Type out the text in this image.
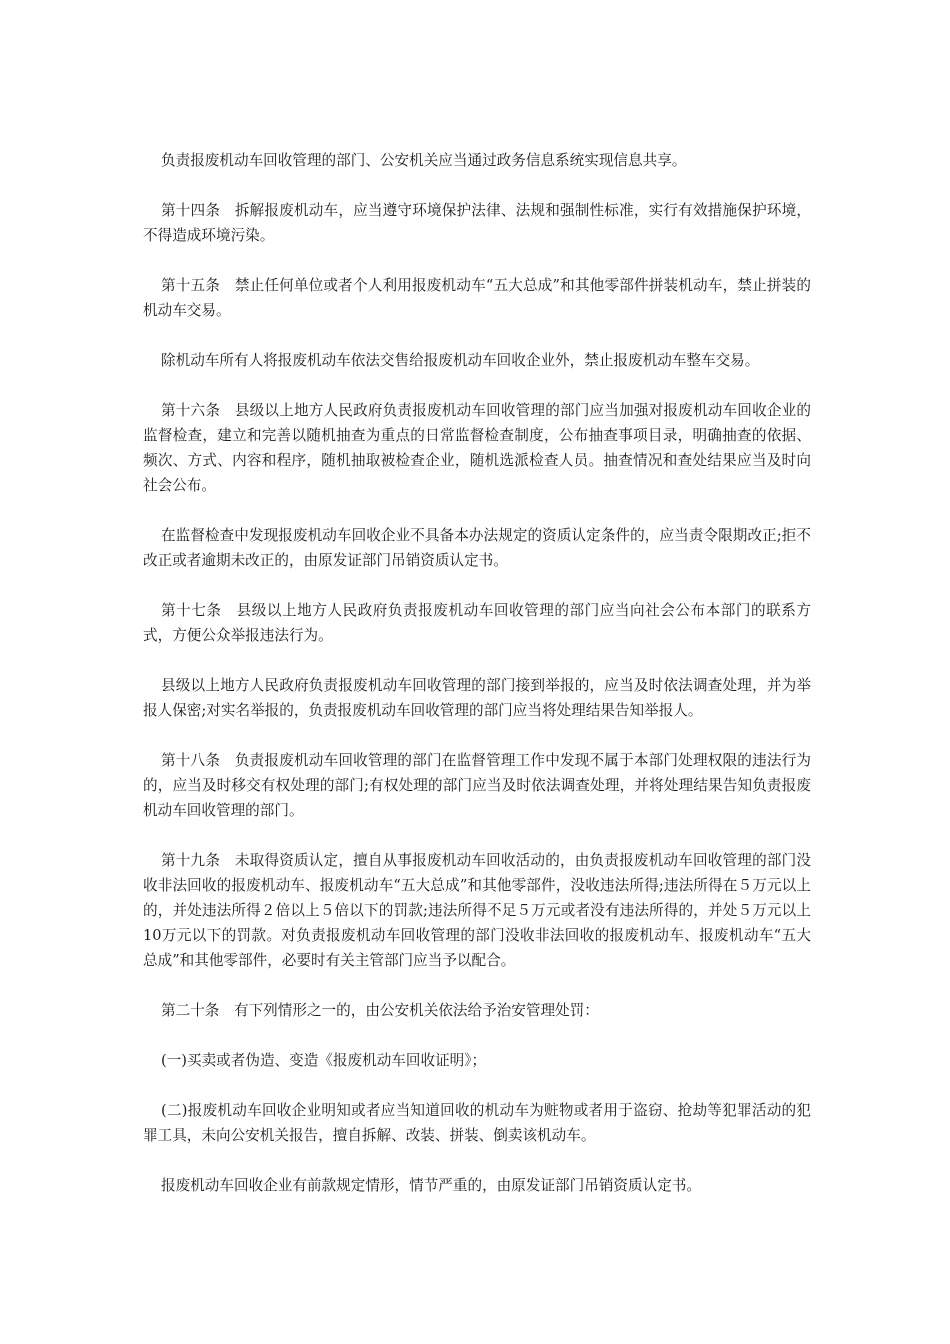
负责报废机动车回收管理的部门、公安机关应当通过政务信息系统实现信息共享。

第十四条　拆解报废机动车，应当遵守环境保护法律、法规和强制性标准，实行有效措施保护环境，不得造成环境污染。

第十五条　禁止任何单位或者个人利用报废机动车“五大总成”和其他零部件拼装机动车，禁止拼装的机动车交易。

除机动车所有人将报废机动车依法交售给报废机动车回收企业外，禁止报废机动车整车交易。

第十六条　县级以上地方人民政府负责报废机动车回收管理的部门应当加强对报废机动车回收企业的监督检查，建立和完善以随机抽查为重点的日常监督检查制度，公布抽查事项目录，明确抽查的依据、频次、方式、内容和程序，随机抽取被检查企业，随机选派检查人员。抽查情况和查处结果应当及时向社会公布。

在监督检查中发现报废机动车回收企业不具备本办法规定的资质认定条件的，应当责令限期改正;拒不改正或者逾期未改正的，由原发证部门吊销资质认定书。

第十七条　县级以上地方人民政府负责报废机动车回收管理的部门应当向社会公布本部门的联系方式，方便公众举报违法行为。

县级以上地方人民政府负责报废机动车回收管理的部门接到举报的，应当及时依法调查处理，并为举报人保密;对实名举报的，负责报废机动车回收管理的部门应当将处理结果告知举报人。

第十八条　负责报废机动车回收管理的部门在监督管理工作中发现不属于本部门处理权限的违法行为的，应当及时移交有权处理的部门;有权处理的部门应当及时依法调查处理，并将处理结果告知负责报废机动车回收管理的部门。

第十九条　未取得资质认定，擅自从事报废机动车回收活动的，由负责报废机动车回收管理的部门没收非法回收的报废机动车、报废机动车“五大总成”和其他零部件，没收违法所得;违法所得在５万元以上的，并处违法所得２倍以上５倍以下的罚款;违法所得不足５万元或者没有违法所得的，并处５万元以上10万元以下的罚款。对负责报废机动车回收管理的部门没收非法回收的报废机动车、报废机动车“五大总成”和其他零部件，必要时有关主管部门应当予以配合。

第二十条　有下列情形之一的，由公安机关依法给予治安管理处罚：

(一)买卖或者伪造、变造《报废机动车回收证明》；

(二)报废机动车回收企业明知或者应当知道回收的机动车为赃物或者用于盗窃、抢劫等犯罪活动的犯罪工具，未向公安机关报告，擅自拆解、改装、拼装、倒卖该机动车。

报废机动车回收企业有前款规定情形，情节严重的，由原发证部门吊销资质认定书。
